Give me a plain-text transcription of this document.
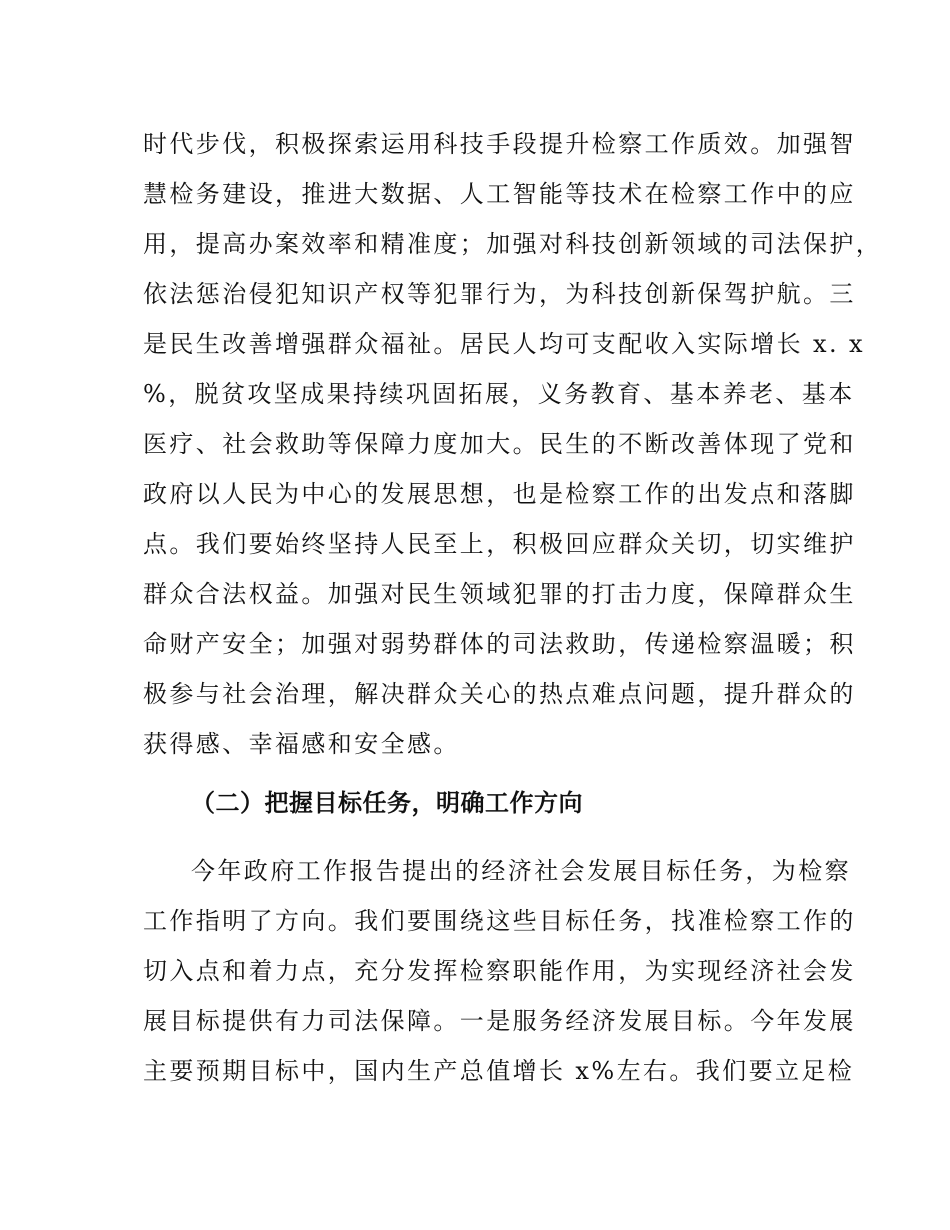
时代步伐，积极探索运用科技手段提升检察工作质效。加强智
慧检务建设，推进大数据、人工智能等技术在检察工作中的应
用，提高办案效率和精准度；加强对科技创新领域的司法保护，
依法惩治侵犯知识产权等犯罪行为，为科技创新保驾护航。三
是民生改善增强群众福祉。居民人均可支配收入实际增长 x. x
%，脱贫攻坚成果持续巩固拓展，义务教育、基本养老、基本
医疗、社会救助等保障力度加大。民生的不断改善体现了党和
政府以人民为中心的发展思想，也是检察工作的出发点和落脚
点。我们要始终坚持人民至上，积极回应群众关切，切实维护
群众合法权益。加强对民生领域犯罪的打击力度，保障群众生
命财产安全；加强对弱势群体的司法救助，传递检察温暖；积
极参与社会治理，解决群众关心的热点难点问题，提升群众的
获得感、幸福感和安全感。
（二）把握目标任务，明确工作方向
今年政府工作报告提出的经济社会发展目标任务，为检察
工作指明了方向。我们要围绕这些目标任务，找准检察工作的
切入点和着力点，充分发挥检察职能作用，为实现经济社会发
展目标提供有力司法保障。一是服务经济发展目标。今年发展
主要预期目标中，国内生产总值增长 x%左右。我们要立足检
